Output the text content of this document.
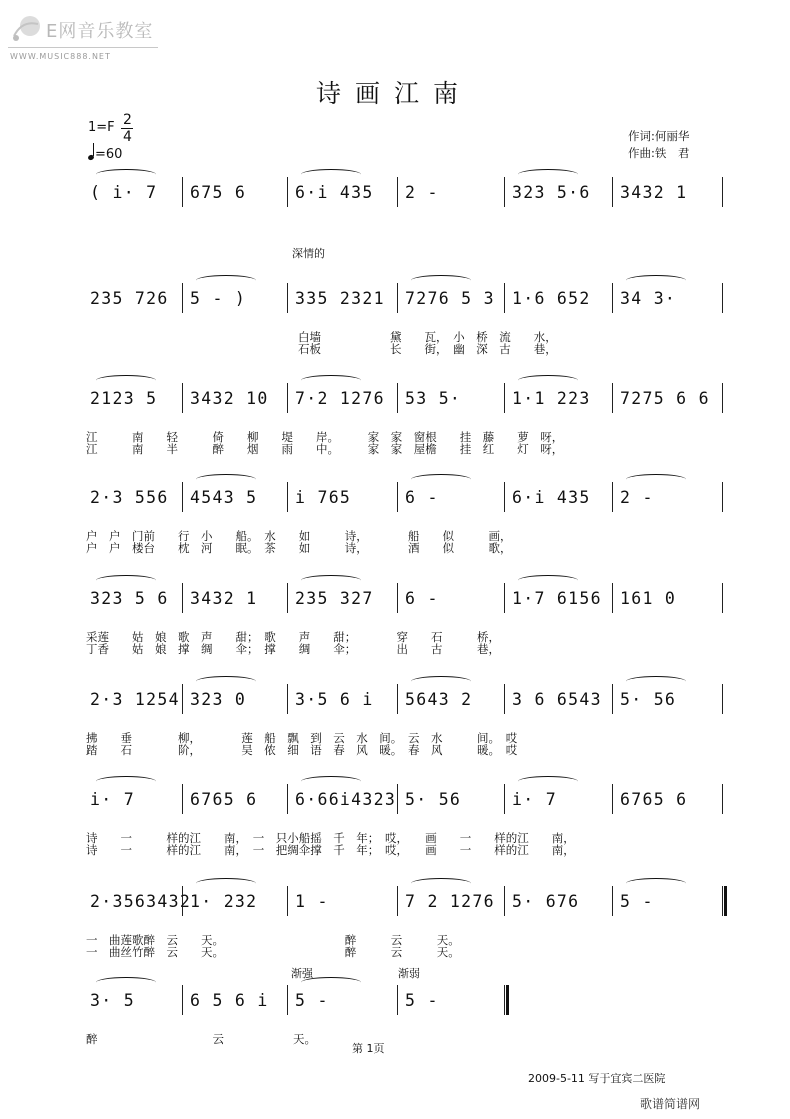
E网音乐教室
WWW.MUSIC888.NET
诗画江南
1=F 2
4
=60
作词:何丽华
作曲:铁　君
深情的
( i· 7 675 6	6·i 435 2 -	323 5·6 3432 1
235 726 5 - )	335 2321 7276 5 3 1·6 652 34 3·
白墙　　　　　　黛　　瓦，　小　桥　流　　水，
石板　　　　　　长　　街，　幽　深　古　　巷，
2123 5 3432 10 7·2 1276 53 5·	1·1 223 7275 6 6
江　　　南　　轻　　　倚　　柳　　堤　　岸。　　　家　家　窗根　　挂　藤　　萝　呀，
江　　　南　　半　　　醉　　烟　　雨　　中。　　　家　家　屋檐　　挂　红　　灯　呀，
2·3 556 4543 5 i 765	6 -	6·i 435 2 -
户　户　门前　　行　小　　船。　水　　如　　　诗，　　　　船　　似　　　画，
户　户　楼台　　枕　河　　眠。　茶　　如　　　诗，　　　　酒　　似　　　歌，
323 5 6 3432 1 235 327 6 -	1·7 6156 161 0
采莲　　姑　娘　歌　声　　甜；　歌　　声　　甜；　　　　穿　　石　　　桥，
丁香　　姑　娘　撑　绸　　伞；　撑　　绸　　伞；　　　　出　　古　　　巷，
2·3 1254 323 0	3·5 6 i 5643 2 3 6 6543 5· 56
拂　　垂　　　　柳，　　　　莲　船　飘　到　云　水　间。　云　水　　　间。　哎
踏　　石　　　　阶，　　　　吴　侬　细　语　春　风　暖。　春　风　　　暖。　哎
i· 7	6765 6 6·66i4323 5· 56	i· 7	6765 6
诗　　一　　　样的江　　南，　一　只小船摇　千　年；　哎，　　画　　一　　样的江　　南，
诗　　一　　　样的江　　南，　一　把绸伞撑　千　年；　哎，　　画　　一　　样的江　　南，
2·3563432
1· 232 1 -	7 2 1276 5· 676 5 -
一　曲莲歌醉　云　　天。　　　　　　　　　　　醉　　　云　　　天。
一　曲丝竹醉　云　　天。　　　　　　　　　　　醉　　　云　　　天。
3· 5	6 5 6 i 5 -	5 -
醉　　　　　　　　　　云　　　　　　天。
渐强	渐弱
第 1页
2009-5-11 写于宜宾二医院
歌谱简谱网
